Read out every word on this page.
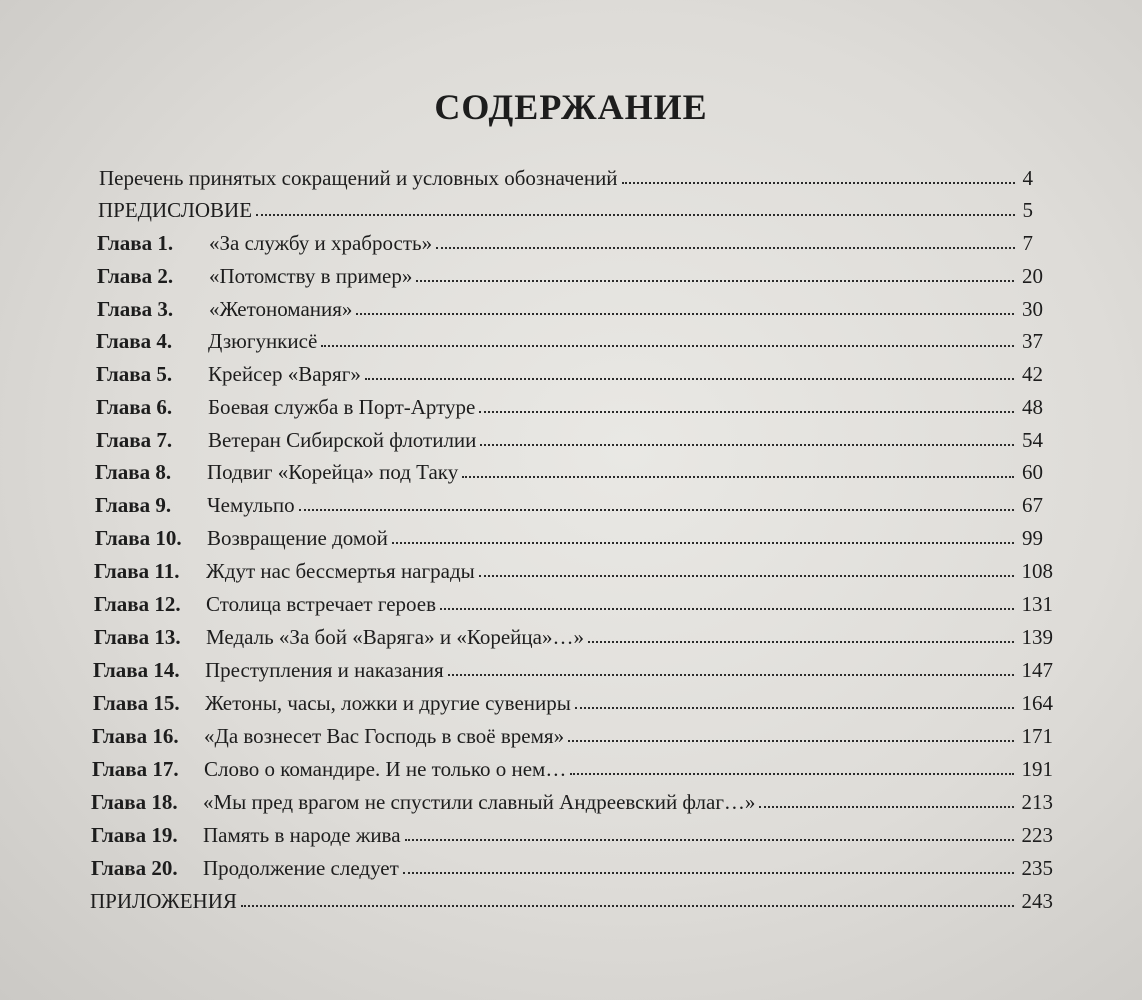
СОДЕРЖАНИЕ
Перечень принятых сокращений и условных обозначений	4
ПРЕДИСЛОВИЕ	5
Глава 1.	«За службу и храбрость»	7
Глава 2.	«Потомству в пример»	20
Глава 3.	«Жетономания»	30
Глава 4.	Дзюгункисё	37
Глава 5.	Крейсер «Варяг»	42
Глава 6.	Боевая служба в Порт-Артуре	48
Глава 7.	Ветеран Сибирской флотилии	54
Глава 8.	Подвиг «Корейца» под Таку	60
Глава 9.	Чемульпо	67
Глава 10.	Возвращение домой	99
Глава 11.	Ждут нас бессмертья награды	108
Глава 12.	Столица встречает героев	131
Глава 13.	Медаль «За бой «Варяга» и «Корейца»…»	139
Глава 14.	Преступления и наказания	147
Глава 15.	Жетоны, часы, ложки и другие сувениры	164
Глава 16.	«Да вознесет Вас Господь в своё время»	171
Глава 17.	Слово о командире. И не только о нем…	191
Глава 18.	«Мы пред врагом не спустили славный Андреевский флаг…»	213
Глава 19.	Память в народе жива	223
Глава 20.	Продолжение следует	235
ПРИЛОЖЕНИЯ	243
